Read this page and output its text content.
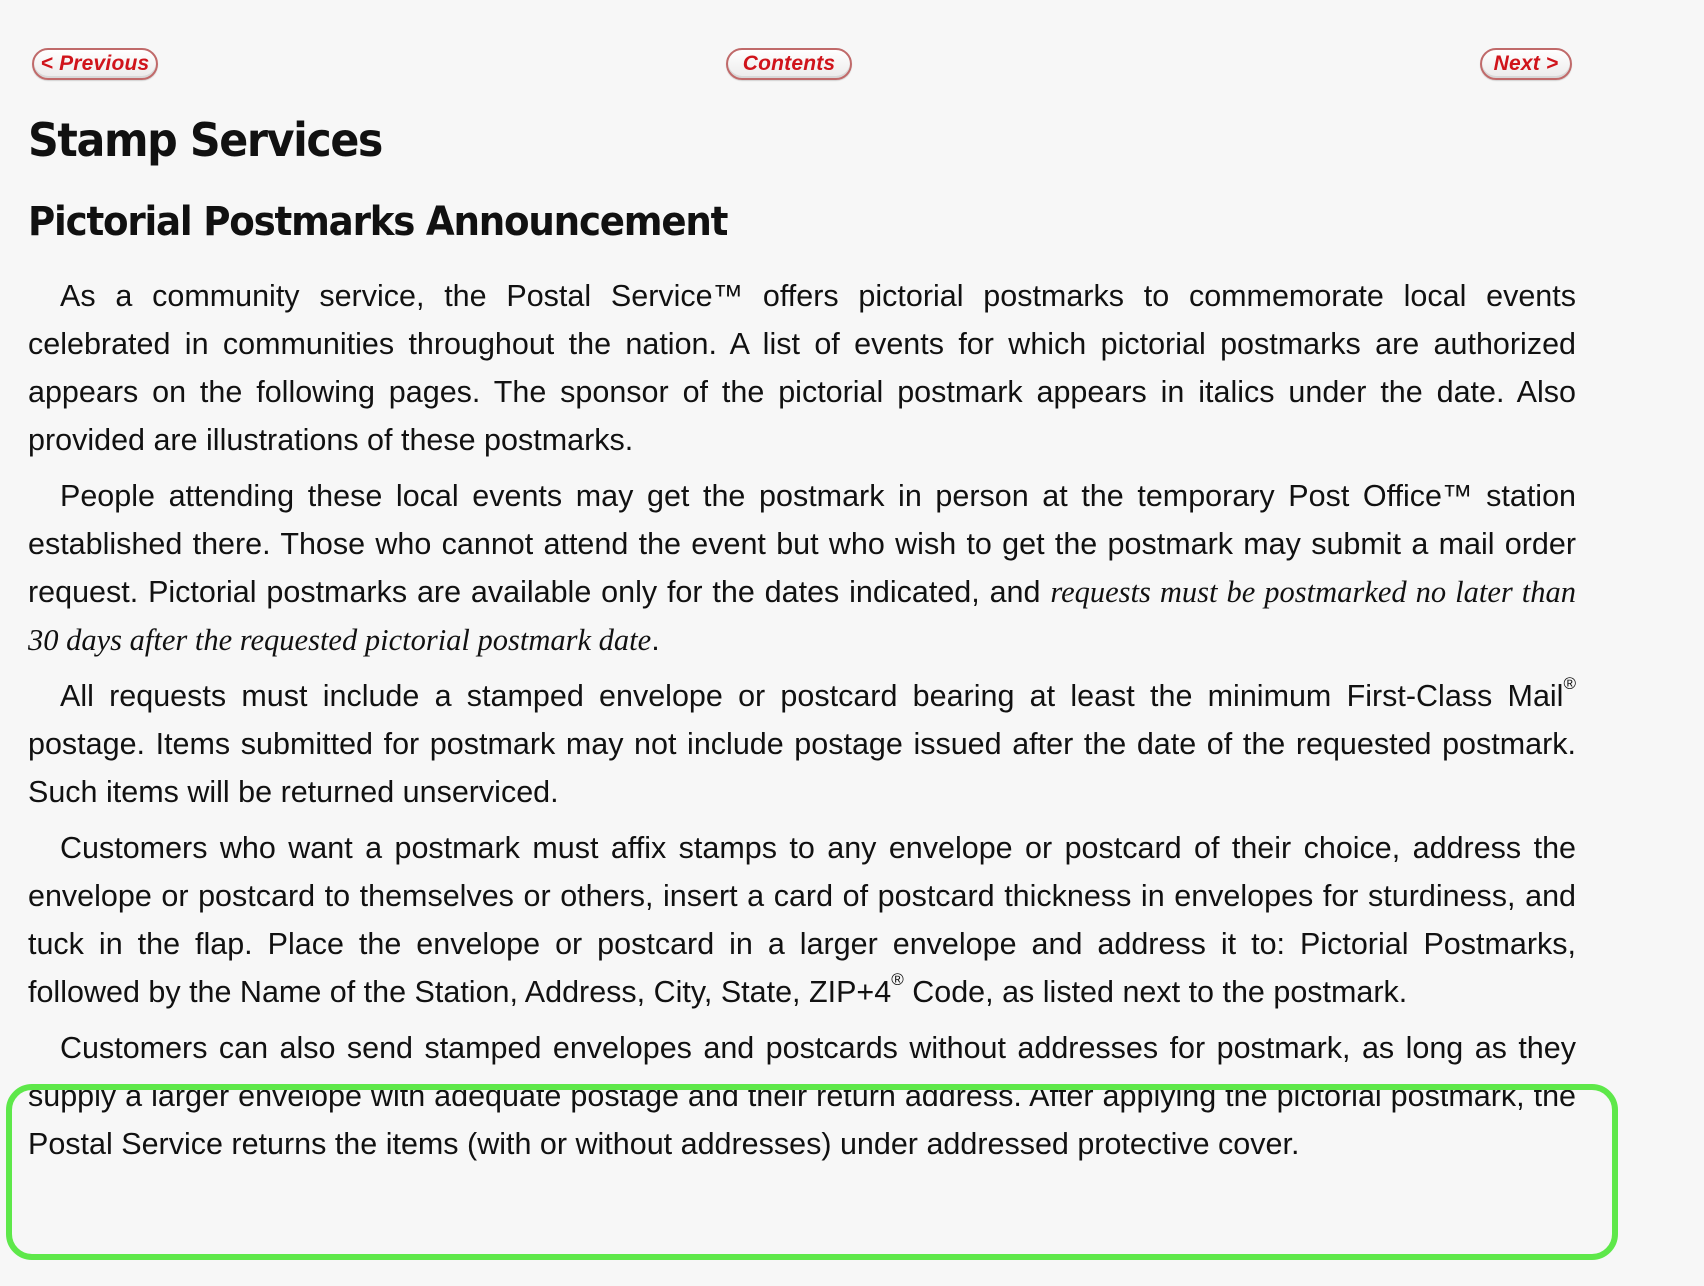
< Previous	Contents	Next >
Stamp Services
Pictorial Postmarks Announcement

As a community service, the Postal Service™ offers pictorial postmarks to commemorate local events celebrated in communities throughout the nation. A list of events for which pictorial postmarks are authorized appears on the following pages. The sponsor of the pictorial postmark appears in italics under the date. Also provided are illustrations of these postmarks.

People attending these local events may get the postmark in person at the temporary Post Office™ station established there. Those who cannot attend the event but who wish to get the postmark may submit a mail order request. Pictorial postmarks are available only for the dates indicated, and requests must be postmarked no later than 30 days after the requested pictorial postmark date.

All requests must include a stamped envelope or postcard bearing at least the minimum First-Class Mail® postage. Items submitted for postmark may not include postage issued after the date of the requested postmark. Such items will be returned unserviced.

Customers who want a postmark must affix stamps to any envelope or postcard of their choice, address the envelope or postcard to themselves or others, insert a card of postcard thickness in envelopes for sturdiness, and tuck in the flap. Place the envelope or postcard in a larger envelope and address it to: Pictorial Postmarks, followed by the Name of the Station, Address, City, State, ZIP+4® Code, as listed next to the postmark.

Customers can also send stamped envelopes and postcards without addresses for postmark, as long as they supply a larger envelope with adequate postage and their return address. After applying the pictorial postmark, the Postal Service returns the items (with or without addresses) under addressed protective cover.
